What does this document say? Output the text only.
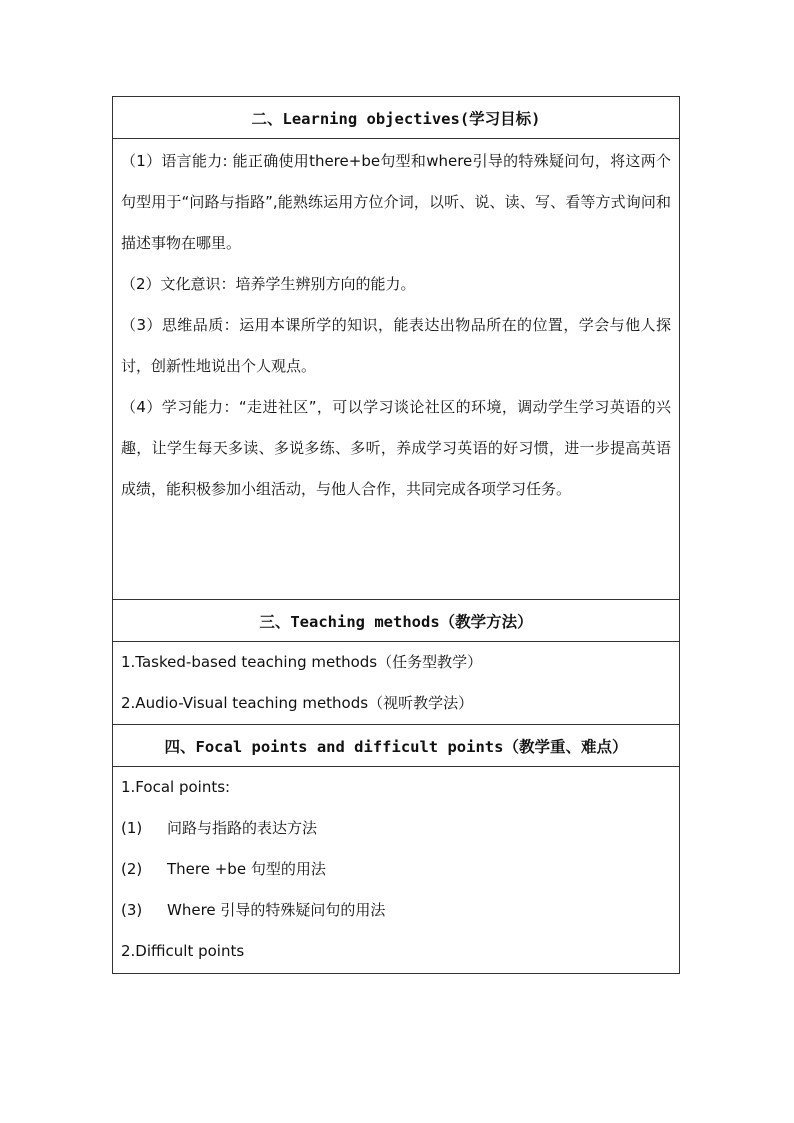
二、Learning objectives(学习目标)

（1）语言能力: 能正确使用there+be句型和where引导的特殊疑问句，将这两个句型用于“问路与指路”,能熟练运用方位介词，以听、说、读、写、看等方式询问和描述事物在哪里。
（2）文化意识：培养学生辨别方向的能力。
（3）思维品质：运用本课所学的知识，能表达出物品所在的位置，学会与他人探讨，创新性地说出个人观点。
（4）学习能力：“走进社区”，可以学习谈论社区的环境，调动学生学习英语的兴趣，让学生每天多读、多说多练、多听，养成学习英语的好习惯，进一步提高英语成绩，能积极参加小组活动，与他人合作，共同完成各项学习任务。

三、Teaching methods（教学方法）

1.Tasked-based teaching methods（任务型教学）
2.Audio-Visual teaching methods（视听教学法）

四、Focal points and difficult points（教学重、难点）

1.Focal points:
(1) 问路与指路的表达方法
(2) There +be 句型的用法
(3) Where 引导的特殊疑问句的用法
2.Difficult points
